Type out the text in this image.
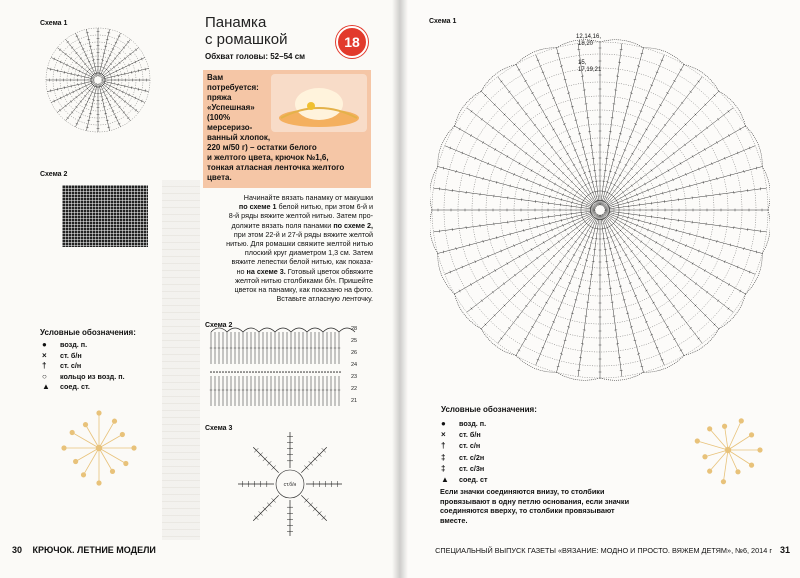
Схема 1
Схема 2
Панамка
с ромашкой	18
Обхват головы: 52–54 см
Вам
потребуется:
пряжа
«Успешная»
(100%
мерсеризо-
ванный хлопок,
220 м/50 г) – остатки белого
и желтого цвета, крючок №1,6,
тонкая атласная ленточка желтого
цвета.
Начинайте вязать панамку от макушки
по схеме 1 белой нитью, при этом 6-й и
8-й ряды вяжите желтой нитью. Затем про-
должите вязать поля панамки по схеме 2,
при этом 22-й и 27-й ряды вяжите желтой
нитью. Для ромашки свяжите желтой нитью
плоский круг диаметром 1,3 см. Затем
вяжите лепестки белой нитью, как показа-
но на схеме 3. Готовый цветок обвяжите
желтой нитью столбиками б/н. Пришейте
цветок на панамку, как показано на фото.
Вставьте атласную ленточку.
Схема 2	28
25
26
24
23
22
21
Схема 3
ст.б/н
Условные обозначения:
●	возд. п.
×	ст. б/н
†	ст. с/н
○	кольцо из возд. п.
▲	соед. ст.
30 КРЮЧОК. ЛЕТНИЕ МОДЕЛИ
Схема 1
12,14,16,
18,20
15,
17,19,21
Условные обозначения:
●	возд. п.
×	ст. б/н
†	ст. с/н
‡	ст. с/2н
‡	ст. с/3н
▲	соед. ст
Если значки соединяются внизу, то столбики
провязывают в одну петлю основания, если значки
соединяются вверху, то столбики провязывают
вместе.
СПЕЦИАЛЬНЫЙ ВЫПУСК ГАЗЕТЫ «ВЯЗАНИЕ: МОДНО И ПРОСТО. ВЯЖЕМ ДЕТЯМ», №6, 2014 г 31
